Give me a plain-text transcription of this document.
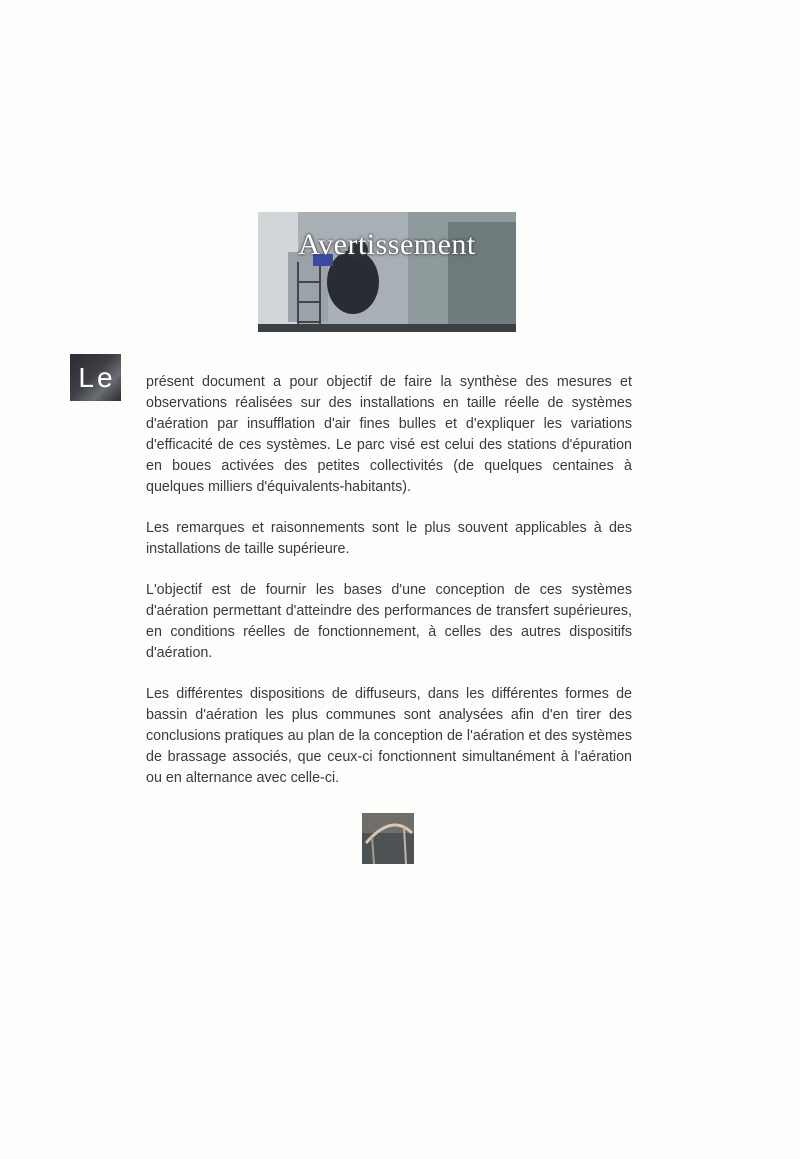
Avertissement
L e présent document a pour objectif de faire la synthèse des mesures et observations réalisées sur des installations en taille réelle de systèmes d'aération par insufflation d'air fines bulles et d'expliquer les variations d'efficacité de ces systèmes. Le parc visé est celui des stations d'épuration en boues activées des petites collectivités (de quelques centaines à quelques milliers d'équivalents-habitants).

Les remarques et raisonnements sont le plus souvent applicables à des installations de taille supérieure.

L'objectif est de fournir les bases d'une conception de ces systèmes d'aération permettant d'atteindre des performances de transfert supérieures, en conditions réelles de fonctionnement, à celles des autres dispositifs d'aération.

Les différentes dispositions de diffuseurs, dans les différentes formes de bassin d'aération les plus communes sont analysées afin d'en tirer des conclusions pratiques au plan de la conception de l'aération et des systèmes de brassage associés, que ceux-ci fonctionnent simultanément à l'aération ou en alternance avec celle-ci.
